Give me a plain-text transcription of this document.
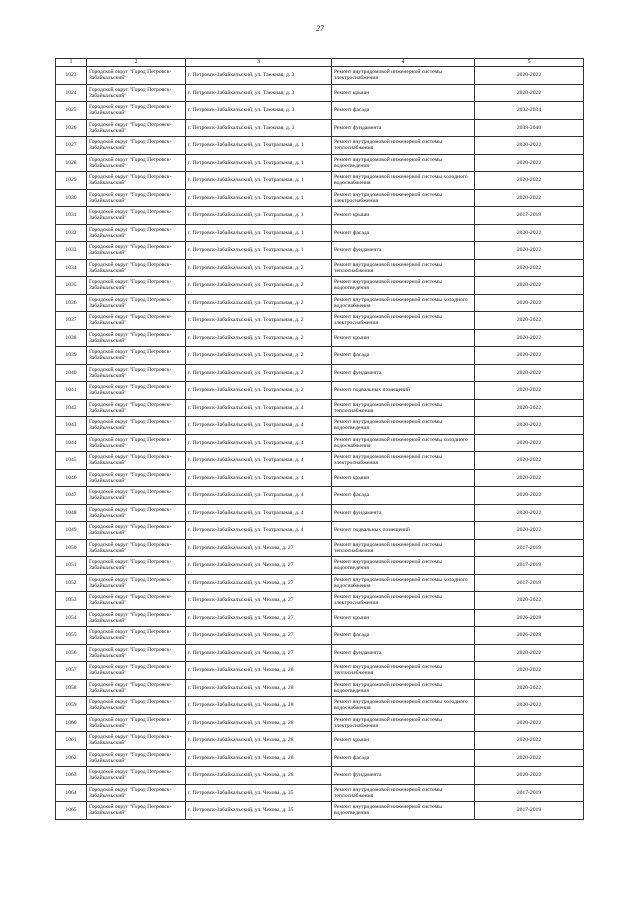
27
1	2	3	4	5
1023	Городской округ "Город Петровск-Забайкальский"	г. Петровск-Забайкальский, ул. Таежная, д. 3	Ремонт внутридомовой инженерной системы электроснабжения	2020-2022
1024	Городской округ "Город Петровск-Забайкальский"	г. Петровск-Забайкальский, ул. Таежная, д. 3	Ремонт крыши	2020-2022
1025	Городской округ "Город Петровск-Забайкальский"	г. Петровск-Забайкальский, ул. Таежная, д. 3	Ремонт фасада	2032-2034
1026	Городской округ "Город Петровск-Забайкальский"	г. Петровск-Забайкальский, ул. Таежная, д. 3	Ремонт фундамента	2038-2040
1027	Городской округ "Город Петровск-Забайкальский"	г. Петровск-Забайкальский, ул. Театральная, д. 1	Ремонт внутридомовой инженерной системы теплоснабжения	2020-2022
1028	Городской округ "Город Петровск-Забайкальский"	г. Петровск-Забайкальский, ул. Театральная, д. 1	Ремонт внутридомовой инженерной системы водоотведения	2020-2022
1029	Городской округ "Город Петровск-Забайкальский"	г. Петровск-Забайкальский, ул. Театральная, д. 1	Ремонт внутридомовой инженерной системы холодного водоснабжения	2020-2022
1030	Городской округ "Город Петровск-Забайкальский"	г. Петровск-Забайкальский, ул. Театральная, д. 1	Ремонт внутридомовой инженерной системы электроснабжения	2020-2022
1031	Городской округ "Город Петровск-Забайкальский"	г. Петровск-Забайкальский, ул. Театральная, д. 1	Ремонт крыши	2017-2019
1032	Городской округ "Город Петровск-Забайкальский"	г. Петровск-Забайкальский, ул. Театральная, д. 1	Ремонт фасада	2020-2022
1033	Городской округ "Город Петровск-Забайкальский"	г. Петровск-Забайкальский, ул. Театральная, д. 1	Ремонт фундамента	2020-2022
1034	Городской округ "Город Петровск-Забайкальский"	г. Петровск-Забайкальский, ул. Театральная, д. 2	Ремонт внутридомовой инженерной системы теплоснабжения	2020-2022
1035	Городской округ "Город Петровск-Забайкальский"	г. Петровск-Забайкальский, ул. Театральная, д. 2	Ремонт внутридомовой инженерной системы водоотведения	2020-2022
1036	Городской округ "Город Петровск-Забайкальский"	г. Петровск-Забайкальский, ул. Театральная, д. 2	Ремонт внутридомовой инженерной системы холодного водоснабжения	2020-2022
1037	Городской округ "Город Петровск-Забайкальский"	г. Петровск-Забайкальский, ул. Театральная, д. 2	Ремонт внутридомовой инженерной системы электроснабжения	2020-2022
1038	Городской округ "Город Петровск-Забайкальский"	г. Петровск-Забайкальский, ул. Театральная, д. 2	Ремонт крыши	2020-2022
1039	Городской округ "Город Петровск-Забайкальский"	г. Петровск-Забайкальский, ул. Театральная, д. 2	Ремонт фасада	2020-2022
1040	Городской округ "Город Петровск-Забайкальский"	г. Петровск-Забайкальский, ул. Театральная, д. 2	Ремонт фундамента	2020-2022
1041	Городской округ "Город Петровск-Забайкальский"	г. Петровск-Забайкальский, ул. Театральная, д. 2	Ремонт подвальных помещений	2020-2022
1042	Городской округ "Город Петровск-Забайкальский"	г. Петровск-Забайкальский, ул. Театральная, д. 4	Ремонт внутридомовой инженерной системы теплоснабжения	2020-2022
1043	Городской округ "Город Петровск-Забайкальский"	г. Петровск-Забайкальский, ул. Театральная, д. 4	Ремонт внутридомовой инженерной системы водоотведения	2020-2022
1044	Городской округ "Город Петровск-Забайкальский"	г. Петровск-Забайкальский, ул. Театральная, д. 4	Ремонт внутридомовой инженерной системы холодного водоснабжения	2020-2022
1045	Городской округ "Город Петровск-Забайкальский"	г. Петровск-Забайкальский, ул. Театральная, д. 4	Ремонт внутридомовой инженерной системы электроснабжения	2020-2022
1046	Городской округ "Город Петровск-Забайкальский"	г. Петровск-Забайкальский, ул. Театральная, д. 4	Ремонт крыши	2020-2022
1047	Городской округ "Город Петровск-Забайкальский"	г. Петровск-Забайкальский, ул. Театральная, д. 4	Ремонт фасада	2020-2022
1048	Городской округ "Город Петровск-Забайкальский"	г. Петровск-Забайкальский, ул. Театральная, д. 4	Ремонт фундамента	2020-2022
1049	Городской округ "Город Петровск-Забайкальский"	г. Петровск-Забайкальский, ул. Театральная, д. 4	Ремонт подвальных помещений	2020-2022
1050	Городской округ "Город Петровск-Забайкальский"	г. Петровск-Забайкальский, ул. Чехова, д. 27	Ремонт внутридомовой инженерной системы теплоснабжения	2017-2019
1051	Городской округ "Город Петровск-Забайкальский"	г. Петровск-Забайкальский, ул. Чехова, д. 27	Ремонт внутридомовой инженерной системы водоотведения	2017-2019
1052	Городской округ "Город Петровск-Забайкальский"	г. Петровск-Забайкальский, ул. Чехова, д. 27	Ремонт внутридомовой инженерной системы холодного водоснабжения	2017-2019
1053	Городской округ "Город Петровск-Забайкальский"	г. Петровск-Забайкальский, ул. Чехова, д. 27	Ремонт внутридомовой инженерной системы электроснабжения	2020-2022
1054	Городской округ "Город Петровск-Забайкальский"	г. Петровск-Забайкальский, ул. Чехова, д. 27	Ремонт крыши	2026-2028
1055	Городской округ "Город Петровск-Забайкальский"	г. Петровск-Забайкальский, ул. Чехова, д. 27	Ремонт фасада	2026-2028
1056	Городской округ "Город Петровск-Забайкальский"	г. Петровск-Забайкальский, ул. Чехова, д. 27	Ремонт фундамента	2020-2022
1057	Городской округ "Город Петровск-Забайкальский"	г. Петровск-Забайкальский, ул. Чехова, д. 28	Ремонт внутридомовой инженерной системы теплоснабжения	2020-2022
1058	Городской округ "Город Петровск-Забайкальский"	г. Петровск-Забайкальский, ул. Чехова, д. 28	Ремонт внутридомовой инженерной системы водоотведения	2020-2022
1059	Городской округ "Город Петровск-Забайкальский"	г. Петровск-Забайкальский, ул. Чехова, д. 28	Ремонт внутридомовой инженерной системы холодного водоснабжения	2020-2022
1060	Городской округ "Город Петровск-Забайкальский"	г. Петровск-Забайкальский, ул. Чехова, д. 28	Ремонт внутридомовой инженерной системы электроснабжения	2020-2022
1061	Городской округ "Город Петровск-Забайкальский"	г. Петровск-Забайкальский, ул. Чехова, д. 28	Ремонт крыши	2020-2022
1062	Городской округ "Город Петровск-Забайкальский"	г. Петровск-Забайкальский, ул. Чехова, д. 28	Ремонт фасада	2020-2022
1063	Городской округ "Город Петровск-Забайкальский"	г. Петровск-Забайкальский, ул. Чехова, д. 28	Ремонт фундамента	2020-2022
1064	Городской округ "Город Петровск-Забайкальский"	г. Петровск-Забайкальский, ул. Чехова, д. 35	Ремонт внутридомовой инженерной системы теплоснабжения	2017-2019
1065	Городской округ "Город Петровск-Забайкальский"	г. Петровск-Забайкальский, ул. Чехова, д. 35	Ремонт внутридомовой инженерной системы водоотведения	2017-2019
